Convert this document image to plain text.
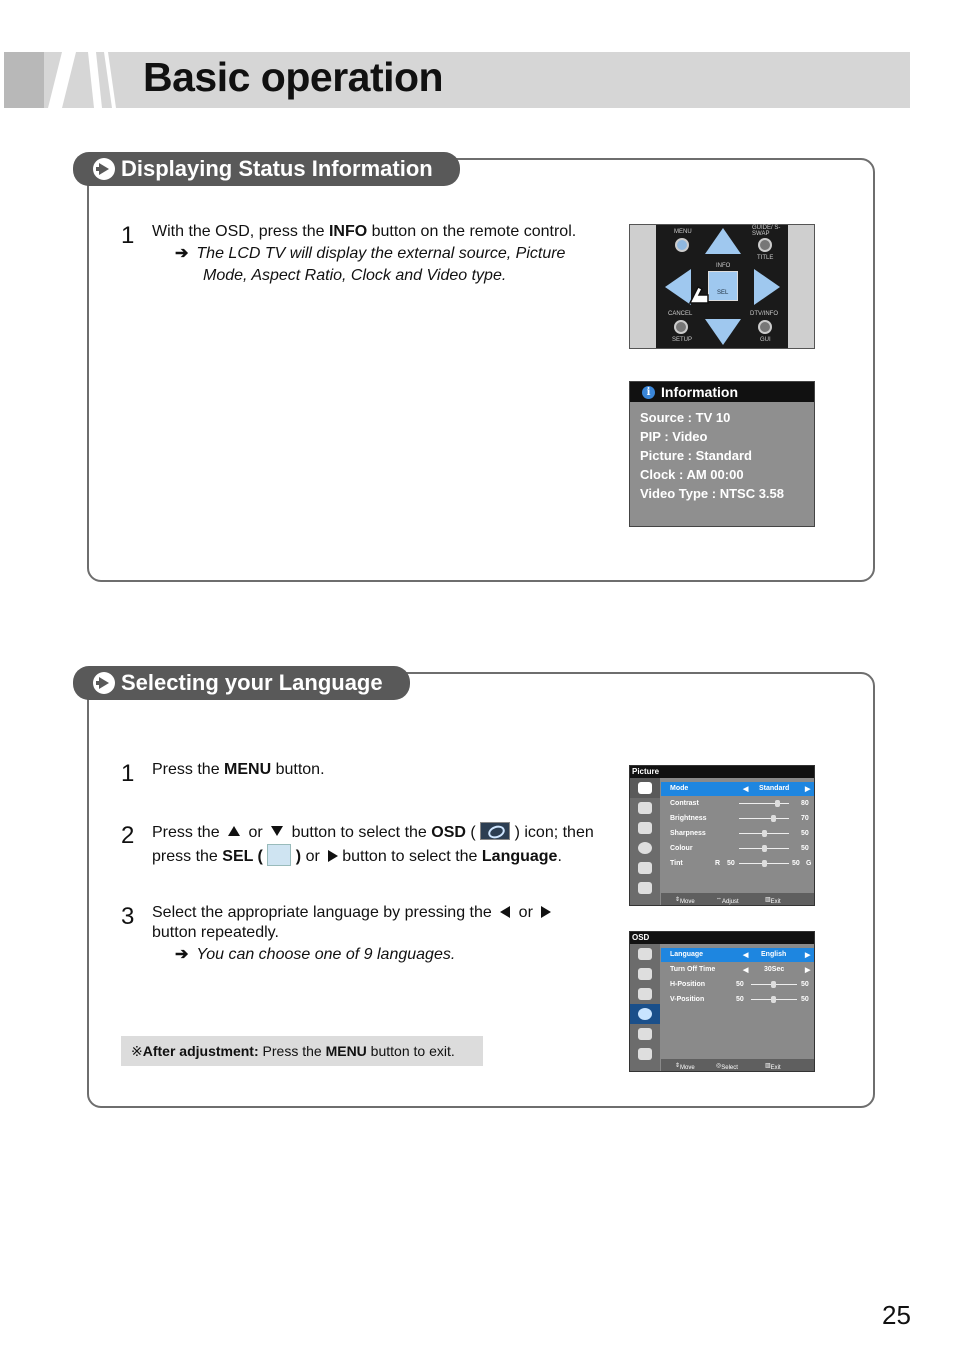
Basic operation
Displaying Status Information
1 With the OSD, press the INFO button on the remote control.
➔ The LCD TV will display the external source, Picture
Mode, Aspect Ratio, Clock and Video type.
MENU
GUIDE/ S-SWAP
TITLE
INFO
SEL
CANCEL	DTV/INFO
SETUP	GUI
i Information
Source : TV 10
PIP : Video
Picture : Standard
Clock : AM 00:00
Video Type : NTSC 3.58
Selecting your Language
1 Press the MENU button.
2 Press the  or  button to select the OSD (  ) icon; then
press the SEL (  ) or button to select the Language.
3 Select the appropriate language by pressing the  or
button repeatedly.
➔ You can choose one of 9 languages.
※After adjustment: Press the MENU button to exit.
Picture
Mode	◀ Standard ▶
Contrast	80
Brightness	70
Sharpness	50
Colour	50
Tint	R 50	50 G
⇕ Move	⇔ Adjust	▥ Exit
OSD
Language	◀ English	▶
Turn Off Time	◀ 30Sec	▶
H-Position	50	50
V-Position	50	50
⇕ Move	◎ Select	▥ Exit
25
